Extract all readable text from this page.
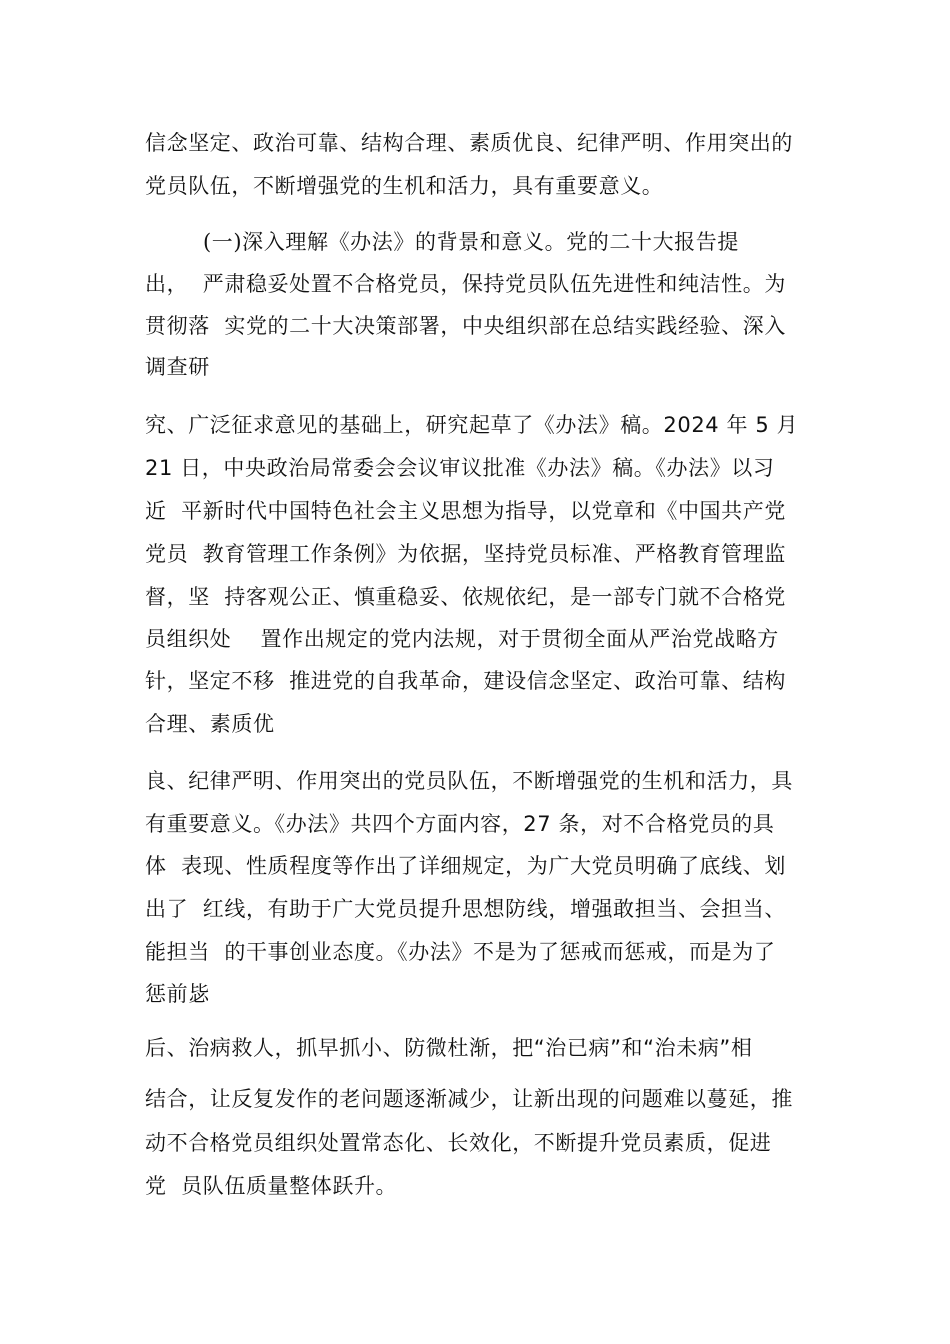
信念坚定、政治可靠、结构合理、素质优良、纪律严明、作用突出的
党员队伍，不断增强党的生机和活力，具有重要意义。
(一)深入理解《办法》的背景和意义。党的二十大报告提
出，  严肃稳妥处置不合格党员，保持党员队伍先进性和纯洁性。为
贯彻落  实党的二十大决策部署，中央组织部在总结实践经验、深入
调查研
究、广泛征求意见的基础上，研究起草了《办法》稿。2024 年 5 月
21 日，中央政治局常委会会议审议批准《办法》稿。《办法》以习
近  平新时代中国特色社会主义思想为指导，以党章和《中国共产党
党员  教育管理工作条例》为依据，坚持党员标准、严格教育管理监
督，坚  持客观公正、慎重稳妥、依规依纪，是一部专门就不合格党
员组织处    置作出规定的党内法规，对于贯彻全面从严治党战略方
针，坚定不移  推进党的自我革命，建设信念坚定、政治可靠、结构
合理、素质优
良、纪律严明、作用突出的党员队伍，不断增强党的生机和活力，具
有重要意义。《办法》共四个方面内容，27 条，对不合格党员的具
体  表现、性质程度等作出了详细规定，为广大党员明确了底线、划
出了  红线，有助于广大党员提升思想防线，增强敢担当、会担当、
能担当  的干事创业态度。《办法》不是为了惩戒而惩戒，而是为了
惩前毖
后、治病救人，抓早抓小、防微杜渐，把“治已病”和“治未病”相
结合，让反复发作的老问题逐渐减少，让新出现的问题难以蔓延，推
动不合格党员组织处置常态化、长效化，不断提升党员素质，促进
党  员队伍质量整体跃升。
